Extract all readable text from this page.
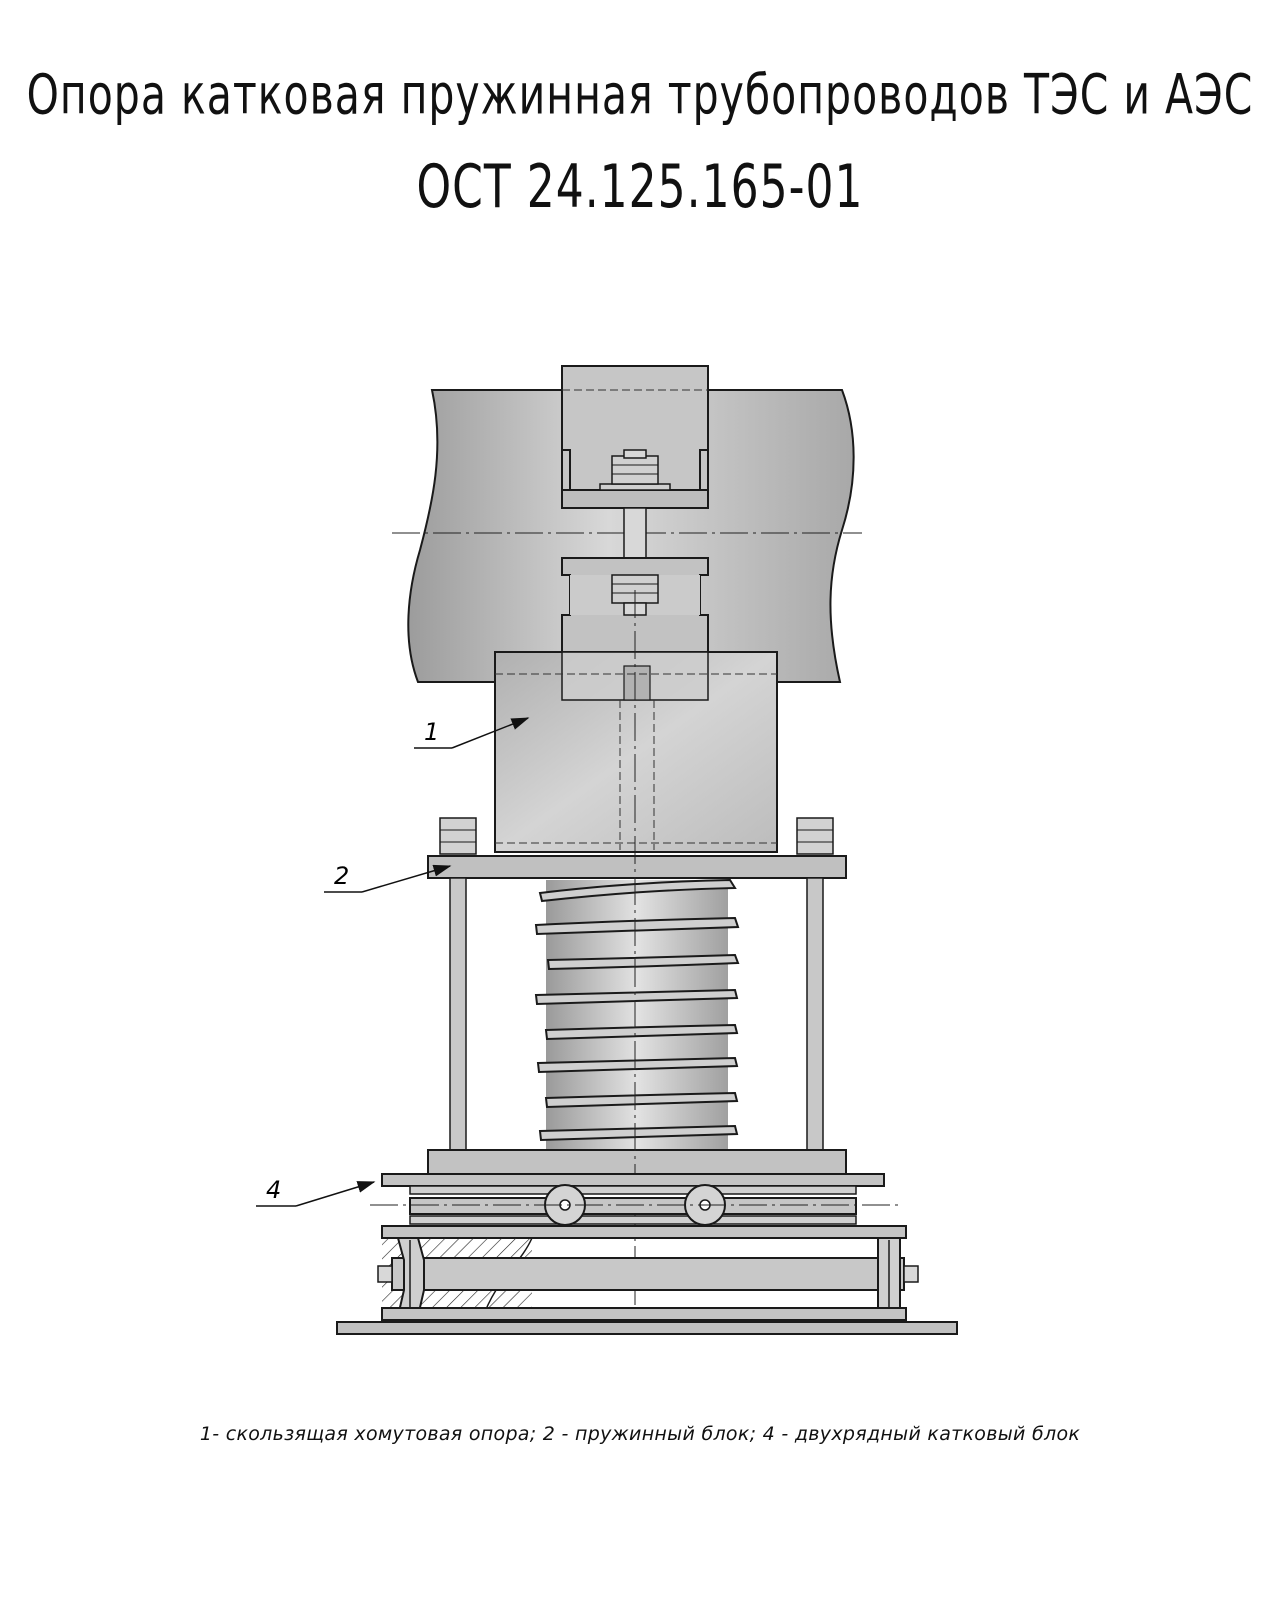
Опора катковая пружинная трубопроводов ТЭС и АЭС
ОСТ 24.125.165-01
1
2
4
1- скользящая хомутовая опора; 2 - пружинный блок; 4 - двухрядный катковый блок
